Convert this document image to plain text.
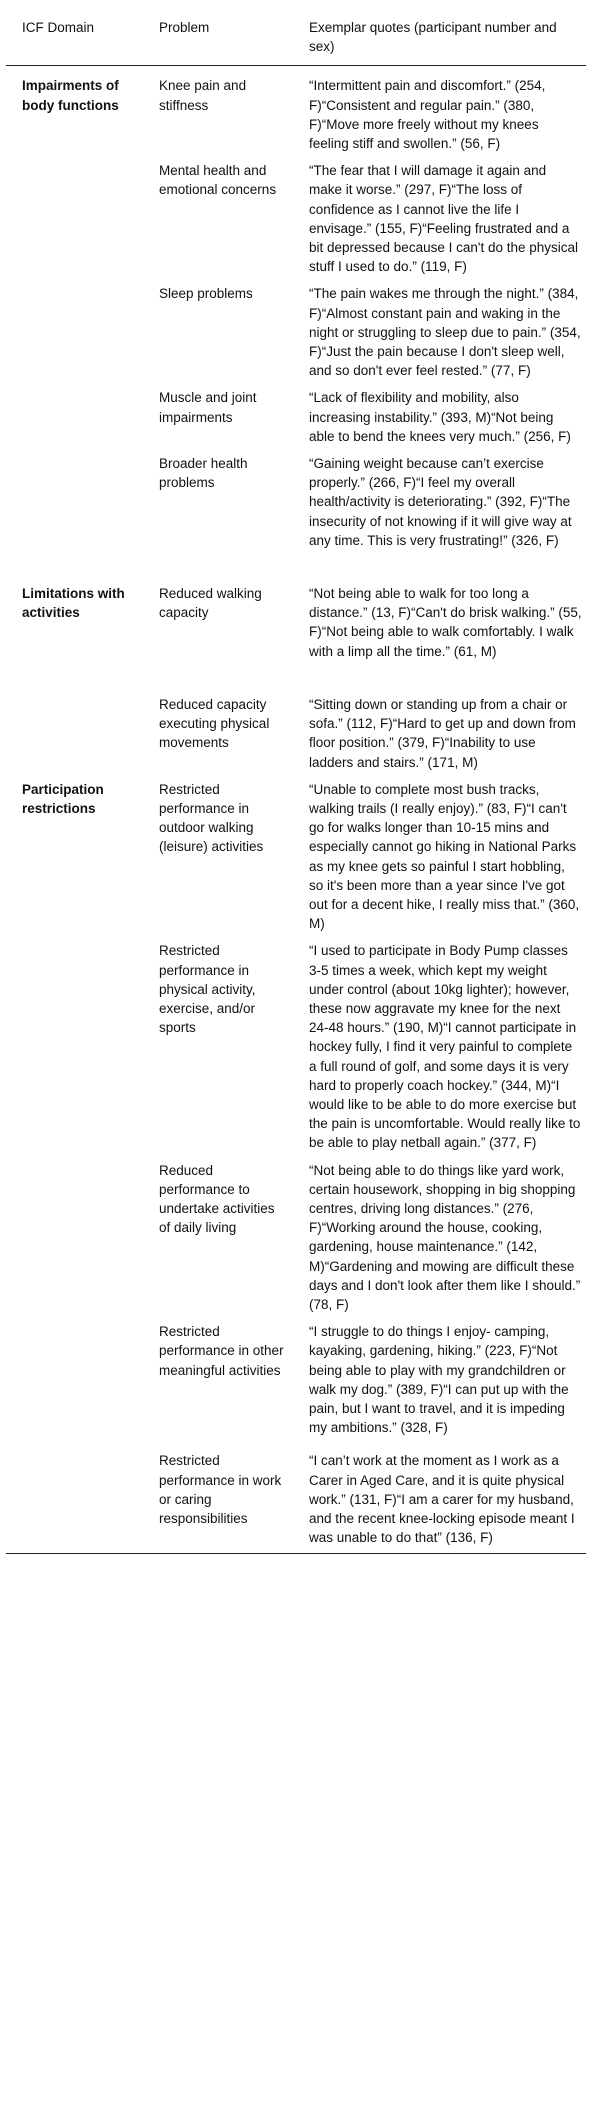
ICF Domain	Problem	Exemplar quotes (participant number and sex)
Impairments of body functions	Knee pain and stiffness	“Intermittent pain and discomfort.” (254, F)“Consistent and regular pain.” (380, F)“Move more freely without my knees feeling stiff and swollen.” (56, F)
	Mental health and emotional concerns	“The fear that I will damage it again and make it worse.” (297, F)“The loss of confidence as I cannot live the life I envisage.” (155, F)“Feeling frustrated and a bit depressed because I can't do the physical stuff I used to do.” (119, F)
	Sleep problems	“The pain wakes me through the night.” (384, F)“Almost constant pain and waking in the night or struggling to sleep due to pain.” (354, F)“Just the pain because I don't sleep well, and so don't ever feel rested.” (77, F)
	Muscle and joint impairments	“Lack of flexibility and mobility, also increasing instability.” (393, M)“Not being able to bend the knees very much.” (256, F)
	Broader health problems	“Gaining weight because can’t exercise properly.” (266, F)“I feel my overall health/activity is deteriorating.” (392, F)“The insecurity of not knowing if it will give way at any time. This is very frustrating!” (326, F)
Limitations with activities	Reduced walking capacity	“Not being able to walk for too long a distance.” (13, F)“Can't do brisk walking.” (55, F)“Not being able to walk comfortably. I walk with a limp all the time.” (61, M)
	Reduced capacity executing physical movements	“Sitting down or standing up from a chair or sofa.” (112, F)“Hard to get up and down from floor position.” (379, F)“Inability to use ladders and stairs.” (171, M)
Participation restrictions	Restricted performance in outdoor walking (leisure) activities	“Unable to complete most bush tracks, walking trails (I really enjoy).” (83, F)“I can't go for walks longer than 10-15 mins and especially cannot go hiking in National Parks as my knee gets so painful I start hobbling, so it's been more than a year since I've got out for a decent hike, I really miss that.” (360, M)
	Restricted performance in physical activity, exercise, and/or sports	“I used to participate in Body Pump classes 3-5 times a week, which kept my weight under control (about 10kg lighter); however, these now aggravate my knee for the next 24-48 hours.” (190, M)“I cannot participate in hockey fully, I find it very painful to complete a full round of golf, and some days it is very hard to properly coach hockey.” (344, M)“I would like to be able to do more exercise but the pain is uncomfortable. Would really like to be able to play netball again.” (377, F)
	Reduced performance to undertake activities of daily living	“Not being able to do things like yard work, certain housework, shopping in big shopping centres, driving long distances.” (276, F)“Working around the house, cooking, gardening, house maintenance.” (142, M)“Gardening and mowing are difficult these days and I don't look after them like I should.” (78, F)
	Restricted performance in other meaningful activities	“I struggle to do things I enjoy- camping, kayaking, gardening, hiking.” (223, F)“Not being able to play with my grandchildren or walk my dog.” (389, F)“I can put up with the pain, but I want to travel, and it is impeding my ambitions.” (328, F)
	Restricted performance in work or caring responsibilities	“I can’t work at the moment as I work as a Carer in Aged Care, and it is quite physical work.” (131, F)“I am a carer for my husband, and the recent knee-locking episode meant I was unable to do that” (136, F)
